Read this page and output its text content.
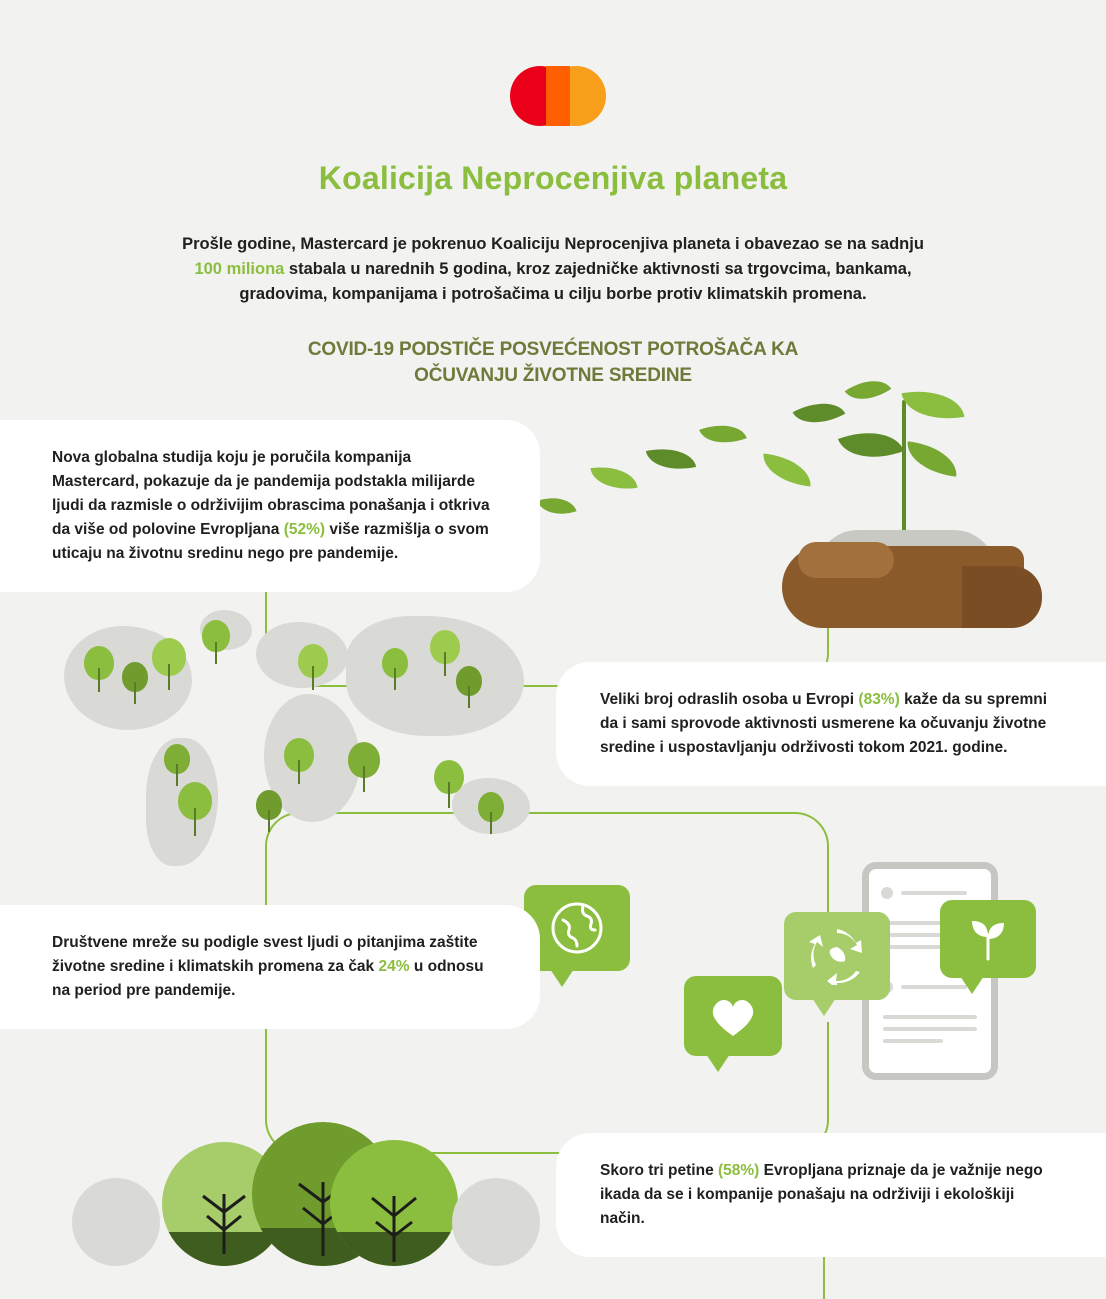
Koalicija Neprocenjiva planeta
Prošle godine, Mastercard je pokrenuo Koaliciju Neprocenjiva planeta i obavezao se na sadnju 100 miliona stabala u narednih 5 godina, kroz zajedničke aktivnosti sa trgovcima, bankama, gradovima, kompanijama i potrošačima u cilju borbe protiv klimatskih promena.
COVID-19 PODSTIČE POSVEĆENOST POTROŠAČA KA
OČUVANJU ŽIVOTNE SREDINE
Nova globalna studija koju je poručila kompanija Mastercard, pokazuje da je pandemija podstakla milijarde ljudi da razmisle o održivijim obrascima ponašanja i otkriva da više od polovine Evropljana (52%) više razmišlja o svom uticaju na životnu sredinu nego pre pandemije.
Veliki broj odraslih osoba u Evropi (83%) kaže da su spremni da i sami sprovode aktivnosti usmerene ka očuvanju životne sredine i uspostavljanju održivosti tokom 2021. godine.
Društvene mreže su podigle svest ljudi o pitanjima zaštite životne sredine i klimatskih promena za čak 24% u odnosu na period pre pandemije.
Skoro tri petine (58%) Evropljana priznaje da je važnije nego ikada da se i kompanije ponašaju na održiviji i ekološkiji način.
